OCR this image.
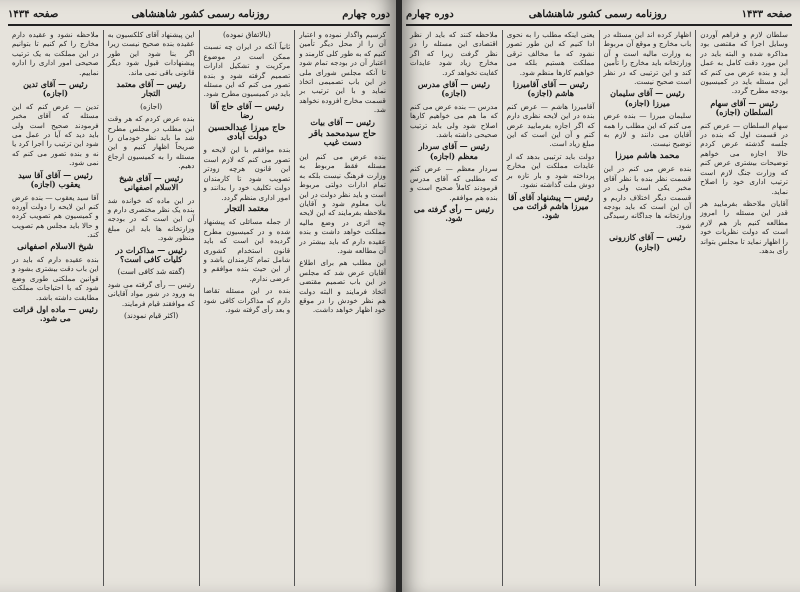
دوره چهارم
روزنامه رسمی کشور شاهنشاهی
صفحه ۱۴۳۴

کرسیم واگذار نموده و اعتبار آن را از محل دیگر تأمین کنیم که به طور کلی کارمند و اعتبار آن در بودجه تمام شود تا آنکه مجلس شورای ملی در این باب تصمیمی اتخاذ نماید و با این ترتیب بر قسمت مخارج افزوده نخواهد شد.

رئیس — آقای بیات

حاج سیدمحمد باقر دست غیب

بنده عرض می کنم این مسئله فقط مربوط به وزارت فرهنگ نیست بلکه به تمام ادارات دولتی مربوط است و باید نظر دولت در این باب معلوم شود و آقایان ملاحظه بفرمایند که این لایحه چه اثری در وضع مالیه مملکت خواهد داشت و بنده عقیده دارم که باید بیشتر در آن مطالعه شود.

این مطلب هم برای اطلاع آقایان عرض شد که مجلس در این باب تصمیم مقتضی اتخاذ فرمایند و البته دولت هم نظر خودش را در موقع خود اظهار خواهد داشت.

(بالاتفاق نموده)

ثانیاً آنکه در ایران چه نسبت ممکن است در موضوع مرکزیت و تشکیل ادارات تصمیم گرفته شود و بنده تصور می کنم که این مسئله باید در کمیسیون مطرح شود.

رئیس — آقای حاج آقا رضا

حاج میرزا عبدالحسین دولت آبادی

بنده موافقم با این لایحه و تصور می کنم که لازم است این قانون هرچه زودتر تصویب شود تا کارمندان دولت تکلیف خود را بدانند و امور اداری منظم گردد.

معتمد التجار

از جمله مسائلی که پیشنهاد شده و در کمیسیون مطرح گردیده این است که باید قانون استخدام کشوری شامل تمام کارمندان باشد و از این حیث بنده موافقم و عرضی ندارم.

بنده در این مسئله تقاضا دارم که مذاکرات کافی شود و بعد رأی گرفته شود.

این پیشنهاد آقای کلکسیون به عقیده بنده صحیح نیست زیرا اگر بنا شود این طور پیشنهادات قبول شود دیگر قانونی باقی نمی ماند.

رئیس — آقای معتمد التجار

(اجازه)

بنده عرض کردم که هر وقت این مطلب در مجلس مطرح شد ما باید نظر خودمان را صریحاً اظهار کنیم و این مسئله را به کمیسیون ارجاع دهیم.

رئیس — آقای شیخ الاسلام اصفهانی

در این ماده که خوانده شد بنده یک نظر مختصری دارم و آن این است که در بودجه وزارتخانه ها باید این مبلغ منظور شود.

رئیس — مذاکرات در کلیات کافی است؟

(گفته شد کافی است)

رئیس — رأی گرفته می شود به ورود در شور مواد آقایانی که موافقند قیام فرمایند.

(اکثر قیام نمودند)

ملاحظه نشود و عقیده دارم مخارج را کم کنیم تا بتوانیم در این مملکت به یک ترتیب صحیحی امور اداری را اداره نماییم.

رئیس — آقای تدین (اجازه)

تدین — عرض کنم که این مسئله که آقای مخبر فرمودند صحیح است ولی باید دید که آیا در عمل می شود این ترتیب را اجرا کرد یا نه و بنده تصور می کنم که نمی شود.

رئیس — آقای آقا سید یعقوب (اجازه)

آقا سید یعقوب — بنده عرض کنم این لایحه را دولت آورده و کمیسیون هم تصویب کرده و حالا باید مجلس هم تصویب کند.

شیخ الاسلام اصفهانی

بنده عقیده دارم که باید در این باب دقت بیشتری بشود و قوانین مملکتی طوری وضع شود که با احتیاجات مملکت مطابقت داشته باشد.

رئیس — ماده اول قرائت می شود.

صفحه ۱۴۳۳
روزنامه رسمی کشور شاهنشاهی
دوره چهارم

سلطان لازم و فراهم آوردن وسایل اجرا که مقتضی بود مذاکره شده و البته باید در این مورد دقت کامل به عمل آید و بنده عرض می کنم که این مسئله باید در کمیسیون بودجه مطرح گردد.

رئیس — آقای سهام السلطان (اجازه)

سهام السلطان — عرض کنم در قسمت اول که بنده در جلسه گذشته عرض کردم حالا اجازه می خواهم توضیحات بیشتری عرض کنم که وزارت جنگ لازم است ترتیب اداری خود را اصلاح نماید.

آقایان ملاحظه بفرمایید هر قدر این مسئله را امروز مطالعه کنیم باز هم لازم است که دولت نظریات خود را اظهار نماید تا مجلس بتواند رأی بدهد.

اظهار کرده اند این مسئله در باب مخارج و موقع آن مربوط به وزارت مالیه است و آن وزارتخانه باید مخارج را تأمین کند و این ترتیبی که در نظر است صحیح نیست.

رئیس — آقای سلیمان میرزا (اجازه)

سلیمان میرزا — بنده عرض می کنم که این مطلب را همه آقایان می دانند و لازم به توضیح نیست.

محمد هاشم میرزا

بنده عرض می کنم در این قسمت نظر بنده با نظر آقای مخبر یکی است ولی در قسمت دیگر اختلاف داریم و آن این است که باید بودجه وزارتخانه ها جداگانه رسیدگی شود.

رئیس — آقای کازرونی (اجازه)

یعنی اینکه مطلب را به نحوی ادا کنیم که این طور تصور نشود که ما مخالف ترقی مملکت هستیم بلکه می خواهیم کارها منظم شود.

رئیس — آقای آقامیرزا هاشم (اجازه)

آقامیرزا هاشم — عرض کنم بنده در این لایحه نظری دارم که اگر اجازه بفرمایید عرض کنم و آن این است که این مبلغ زیاد است.

دولت باید ترتیبی بدهد که از عایدات مملکت این مخارج پرداخته شود و بار تازه بر دوش ملت گذاشته نشود.

رئیس — پیشنهاد آقای آقا میرزا هاشم قرائت می شود.

ملاحظه کنند که باید از نظر اقتصادی این مسئله را در نظر گرفت زیرا که اگر مخارج زیاد شود عایدات کفایت نخواهد کرد.

رئیس — آقای مدرس (اجازه)

مدرس — بنده عرض می کنم که ما هم می خواهیم کارها اصلاح شود ولی باید ترتیب صحیحی داشته باشد.

رئیس — آقای سردار معظم (اجازه)

سردار معظم — عرض کنم که مطلبی که آقای مدرس فرمودند کاملاً صحیح است و بنده هم موافقم.

رئیس — رأی گرفته می شود.
